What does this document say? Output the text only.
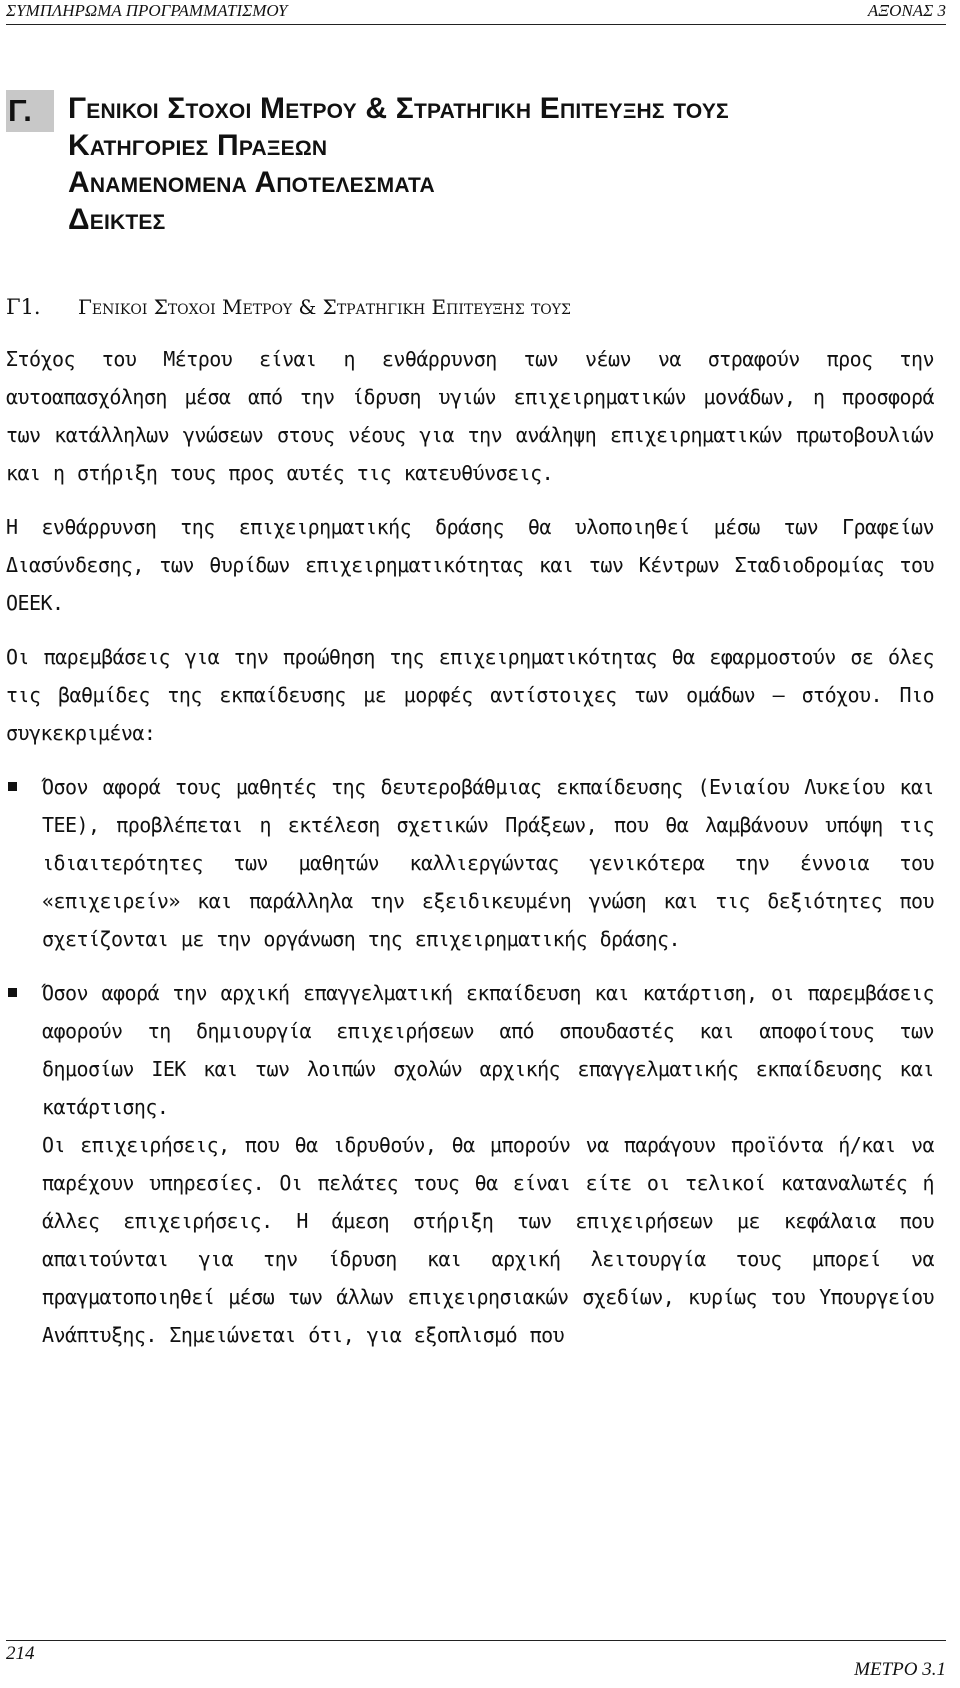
ΣΥΜΠΛΗΡΩΜΑ ΠΡΟΓΡΑΜΜΑΤΙΣΜΟΥ	ΑΞΟΝΑΣ 3
Γ.	Γενικοι Στοχοι Μετρου & Στρατηγικη Επιτευξης τους
Κατηγοριες Πραξεων
Αναμενομενα Αποτελεσματα
Δεικτες
Γ1. Γενικοι Στοχοι Μετρου & Στρατηγικη Επιτευξης τους

Στόχος του Μέτρου είναι η ενθάρρυνση των νέων να στραφούν προς την αυτοαπασχόληση μέσα από την ίδρυση υγιών επιχειρηματικών μονάδων, η προσφορά των κατάλληλων γνώσεων στους νέους για την ανάληψη επιχειρηματικών πρωτοβουλιών και η στήριξη τους προς αυτές τις κατευθύνσεις.

Η ενθάρρυνση της επιχειρηματικής δράσης θα υλοποιηθεί μέσω των Γραφείων Διασύνδεσης, των θυρίδων επιχειρηματικότητας και των Κέντρων Σταδιοδρομίας του ΟΕΕΚ.

Οι παρεμβάσεις για την προώθηση της επιχειρηματικότητας θα εφαρμοστούν σε όλες τις βαθμίδες της εκπαίδευσης με μορφές αντίστοιχες των ομάδων – στόχου. Πιο συγκεκριμένα:

Όσον αφορά τους μαθητές της δευτεροβάθμιας εκπαίδευσης (Ενιαίου Λυκείου και ΤΕΕ), προβλέπεται η εκτέλεση σχετικών Πράξεων, που θα λαμβάνουν υπόψη τις ιδιαιτερότητες των μαθητών καλλιεργώντας γενικότερα την έννοια του «επιχειρείν» και παράλληλα την εξειδικευμένη γνώση και τις δεξιότητες που σχετίζονται με την οργάνωση της επιχειρηματικής δράσης.

Όσον αφορά την αρχική επαγγελματική εκπαίδευση και κατάρτιση, οι παρεμβάσεις αφορούν τη δημιουργία επιχειρήσεων από σπουδαστές και αποφοίτους των δημοσίων ΙΕΚ και των λοιπών σχολών αρχικής επαγγελματικής εκπαίδευσης και κατάρτισης.

Οι επιχειρήσεις, που θα ιδρυθούν, θα μπορούν να παράγουν προϊόντα ή/και να παρέχουν υπηρεσίες. Οι πελάτες τους θα είναι είτε οι τελικοί καταναλωτές ή άλλες επιχειρήσεις. Η άμεση στήριξη των επιχειρήσεων με κεφάλαια που απαιτούνται για την ίδρυση και αρχική λειτουργία τους μπορεί να πραγματοποιηθεί μέσω των άλλων επιχειρησιακών σχεδίων, κυρίως του Υπουργείου Ανάπτυξης. Σημειώνεται ότι, για εξοπλισμό που

214
ΜΕΤΡΟ 3.1
